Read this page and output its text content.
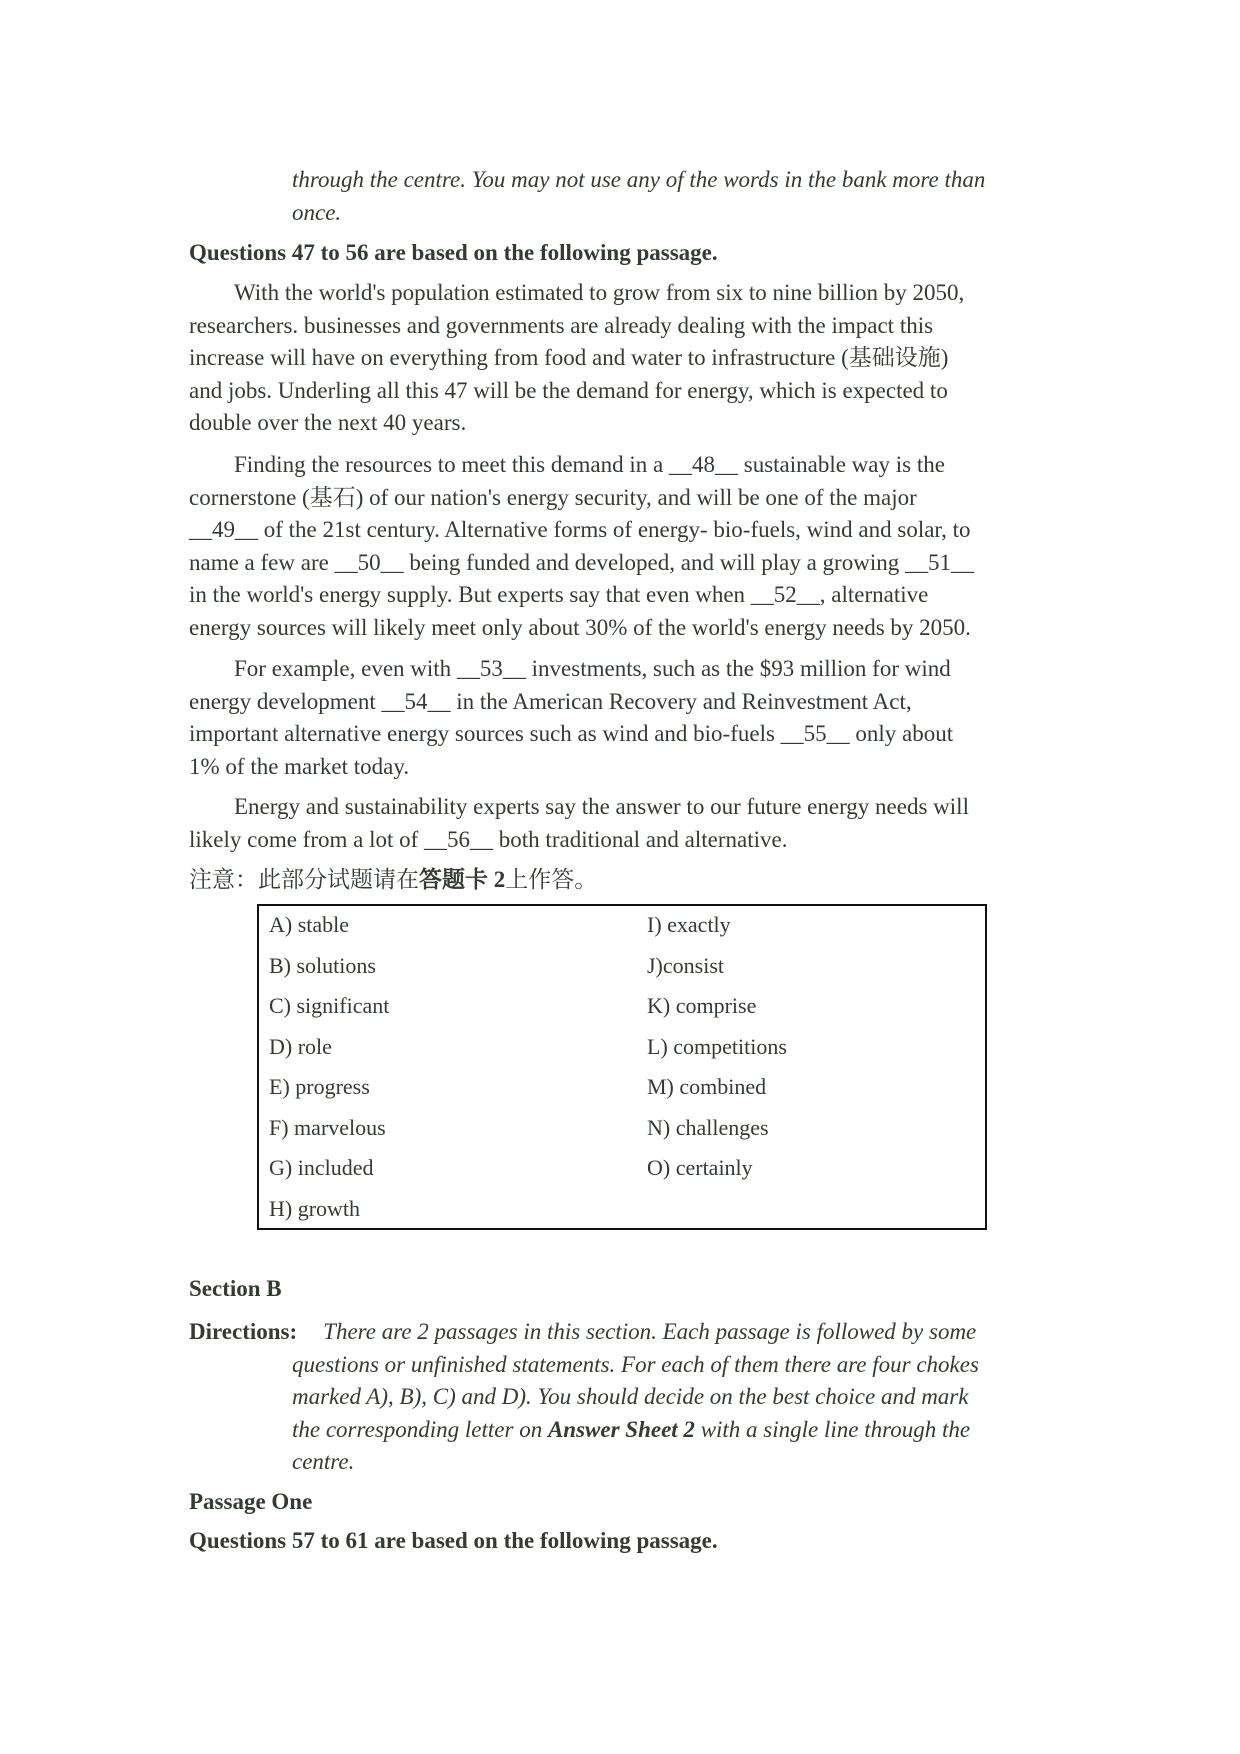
through the centre. You may not use any of the words in the bank more than
once.
Questions 47 to 56 are based on the following passage.
With the world's population estimated to grow from six to nine billion by 2050,
researchers. businesses and governments are already dealing with the impact this
increase will have on everything from food and water to infrastructure (基础设施)
and jobs. Underling all this 47 will be the demand for energy, which is expected to
double over the next 40 years.
Finding the resources to meet this demand in a __48__ sustainable way is the
cornerstone (基石) of our nation's energy security, and will be one of the major
__49__ of the 21st century. Alternative forms of energy- bio-fuels, wind and solar, to
name a few are __50__ being funded and developed, and will play a growing __51__
in the world's energy supply. But experts say that even when __52__, alternative
energy sources will likely meet only about 30% of the world's energy needs by 2050.
For example, even with __53__ investments, such as the $93 million for wind
energy development __54__ in the American Recovery and Reinvestment Act,
important alternative energy sources such as wind and bio-fuels __55__ only about
1% of the market today.
Energy and sustainability experts say the answer to our future energy needs will
likely come from a lot of __56__ both traditional and alternative.
注意：此部分试题请在答题卡 2上作答。
A) stable
B) solutions
C) significant
D) role
E) progress
F) marvelous
G) included
H) growth
I) exactly
J)consist
K) comprise
L) competitions
M) combined
N) challenges
O) certainly
Section B
Directions: There are 2 passages in this section. Each passage is followed by some
questions or unfinished statements. For each of them there are four chokes
marked A), B), C) and D). You should decide on the best choice and mark
the corresponding letter on Answer Sheet 2 with a single line through the
centre.
Passage One
Questions 57 to 61 are based on the following passage.
